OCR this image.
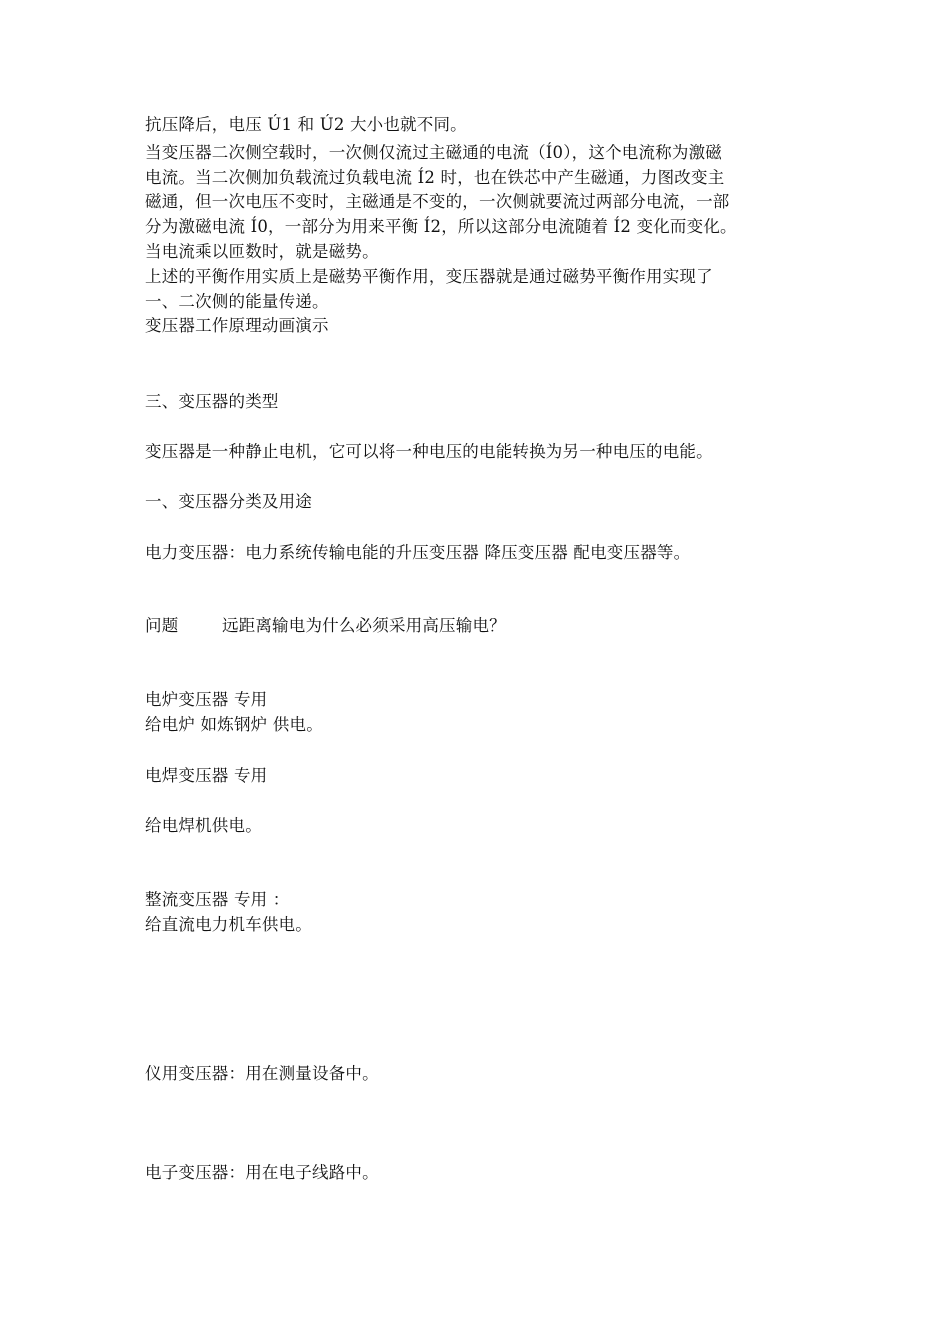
抗压降后，电压 Ú1 和 Ú2 大小也就不同。
当变压器二次侧空载时，一次侧仅流过主磁通的电流（Í0），这个电流称为激磁
电流。当二次侧加负载流过负载电流 Í2 时，也在铁芯中产生磁通，力图改变主
磁通，但一次电压不变时，主磁通是不变的，一次侧就要流过两部分电流，一部
分为激磁电流 Í0，一部分为用来平衡 Í2，所以这部分电流随着 Í2 变化而变化。
当电流乘以匝数时，就是磁势。
上述的平衡作用实质上是磁势平衡作用，变压器就是通过磁势平衡作用实现了
一、二次侧的能量传递。
变压器工作原理动画演示
三、变压器的类型
变压器是一种静止电机，它可以将一种电压的电能转换为另一种电压的电能。
一、变压器分类及用途
电力变压器：电力系统传输电能的升压变压器 降压变压器 配电变压器等。
问题        远距离输电为什么必须采用高压输电？
电炉变压器 专用
给电炉 如炼钢炉 供电。
电焊变压器 专用
给电焊机供电。
整流变压器 专用 ：
给直流电力机车供电。
仪用变压器：用在测量设备中。
电子变压器：用在电子线路中。
